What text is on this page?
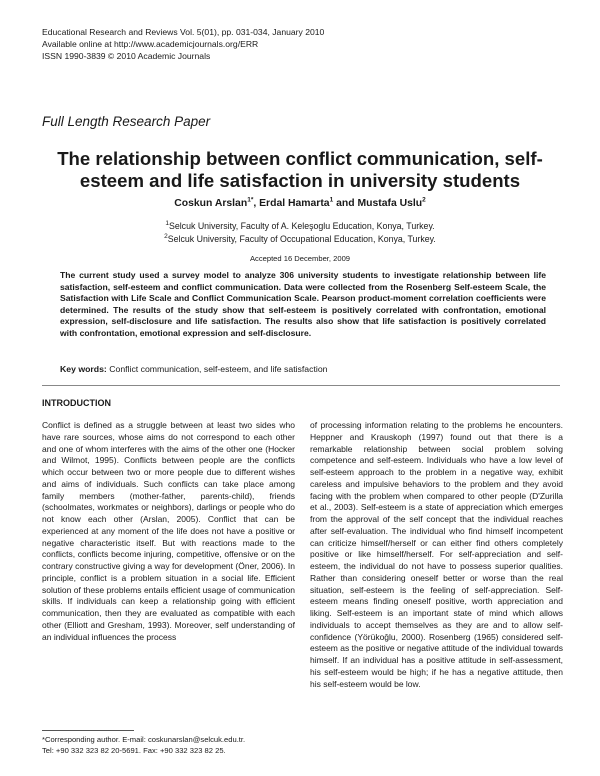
Educational Research and Reviews Vol. 5(01), pp. 031-034, January 2010
Available online at http://www.academicjournals.org/ERR
ISSN 1990-3839 © 2010 Academic Journals
Full Length Research Paper
The relationship between conflict communication, self-
esteem and life satisfaction in university students
Coskun Arslan$^{1*}$, Erdal Hamarta$^1$ and Mustafa Uslu$^2$
$^1$Selcuk University, Faculty of A. Keleşoglu Education, Konya, Turkey.
$^2$Selcuk University, Faculty of Occupational Education, Konya, Turkey.
Accepted 16 December, 2009
The current study used a survey model to analyze 306 university students to investigate relationship between life satisfaction, self-esteem and conflict communication. Data were collected from the Rosenberg Self-esteem Scale, the Satisfaction with Life Scale and Conflict Communication Scale. Pearson product-moment correlation coefficients were determined. The results of the study show that self-esteem is positively correlated with confrontation, emotional expression, self-disclosure and life satisfaction. The results also show that life satisfaction is positively correlated with confrontation, emotional expression and self-disclosure.
Key words: Conflict communication, self-esteem, and life satisfaction
INTRODUCTION

Conflict is defined as a struggle between at least two sides who have rare sources, whose aims do not correspond to each other and one of whom interferes with the aims of the other one (Hocker and Wilmot, 1995). Conflicts between people are the conflicts which occur between two or more people due to different wishes and aims of individuals. Such conflicts can take place among family members (mother-father, parents-child), friends (schoolmates, workmates or neighbors), darlings or people who do not know each other (Arslan, 2005). Conflict that can be experienced at any moment of the life does not have a positive or negative characteristic itself. But with reactions made to the conflicts, conflicts become injuring, competitive, offensive or on the contrary constructive giving a way for development (Öner, 2006). In principle, conflict is a problem situation in a social life. Efficient solution of these problems entails efficient usage of communication skills. If individuals can keep a relationship going with efficient communication, then they are evaluated as compatible with each other (Elliott and Gresham, 1993). Moreover, self understanding of an individual influences the process

of processing information relating to the problems he encounters. Heppner and Krauskoph (1997) found out that there is a remarkable relationship between social problem solving competence and self-esteem. Individuals who have a low level of self-esteem approach to the problem in a negative way, exhibit careless and impulsive behaviors to the problem and they avoid facing with the problem when compared to other people (D'Zurilla et al., 2003). Self-esteem is a state of appreciation which emerges from the approval of the self concept that the individual reaches after self-evaluation. The individual who find himself incompetent can criticize himself/herself or can either find others completely positive or like himself/herself. For self-appreciation and self-esteem, the individual do not have to possess superior qualities. Rather than considering oneself better or worse than the real situation, self-esteem is the feeling of self-appreciation. Self-esteem means finding oneself positive, worth appreciation and liking. Self-esteem is an important state of mind which allows individuals to accept themselves as they are and to allow self-confidence (Yörükoğlu, 2000). Rosenberg (1965) considered self-esteem as the positive or negative attitude of the individual towards himself. If an individual has a positive attitude in self-assessment, his self-esteem would be high; if he has a negative attitude, then his self-esteem would be low.

*Corresponding author. E-mail: coskunarslan@selcuk.edu.tr.
Tel: +90 332 323 82 20-5691. Fax: +90 332 323 82 25.
